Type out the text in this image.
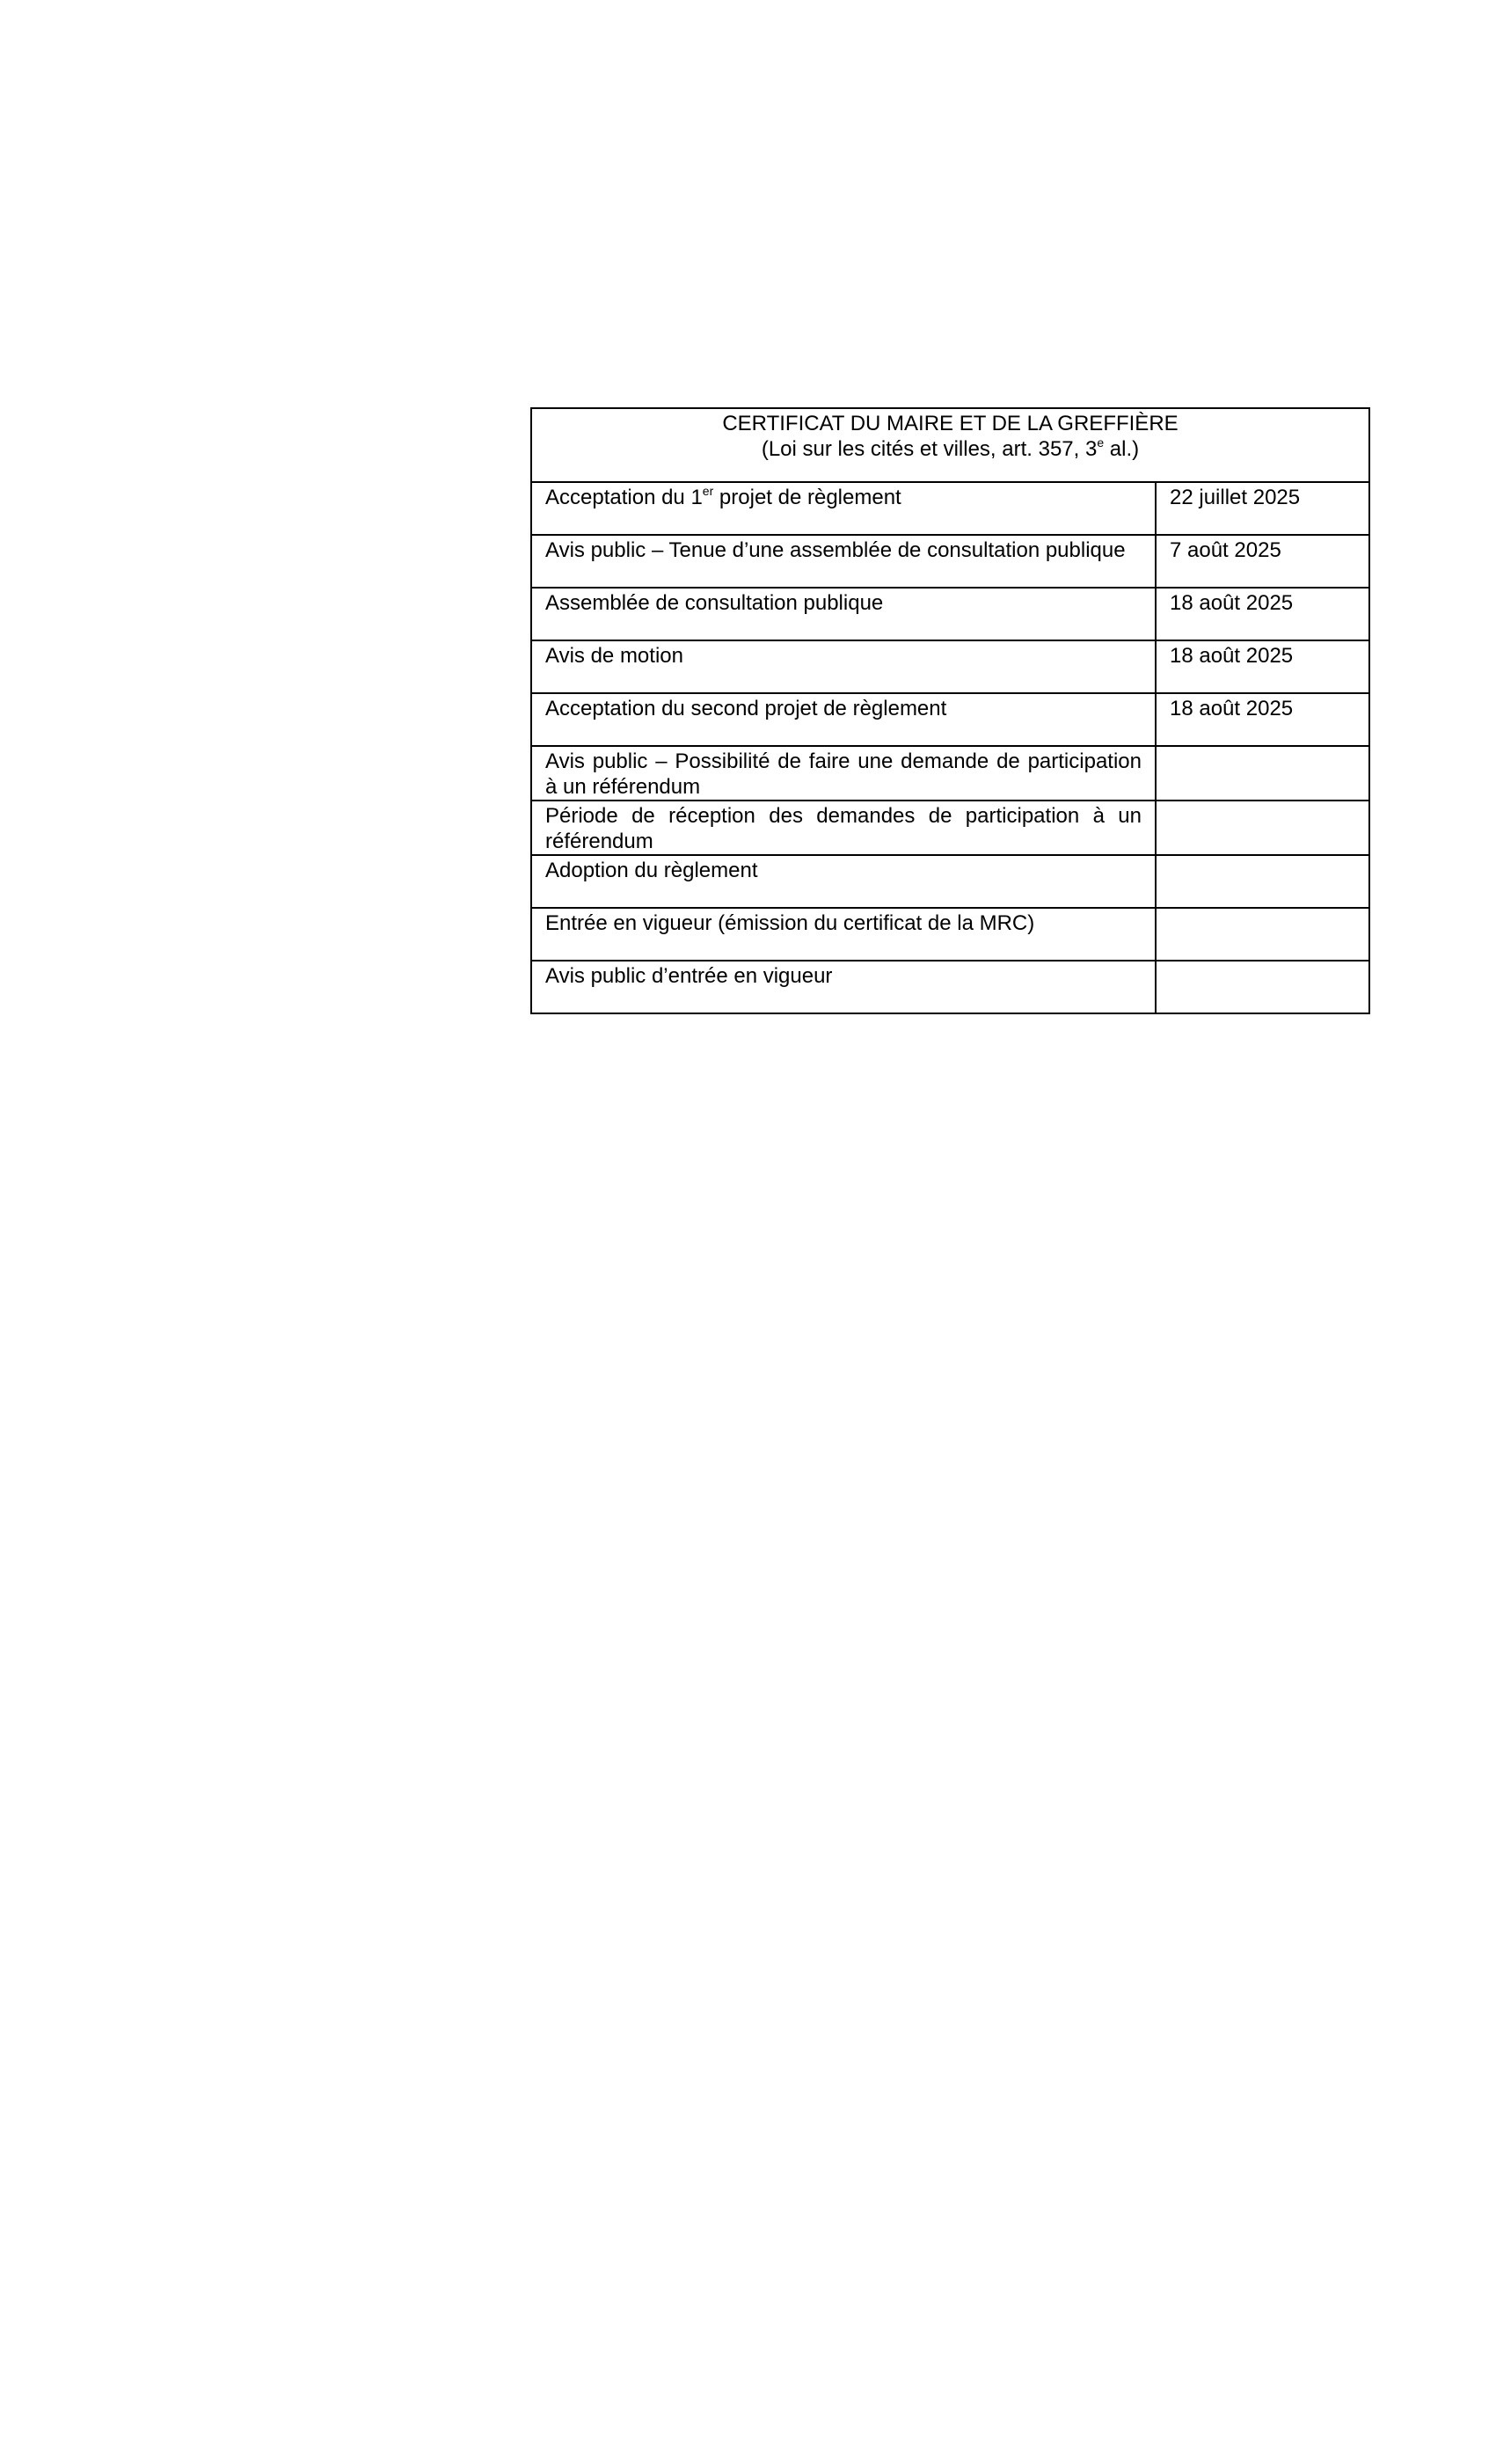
CERTIFICAT DU MAIRE ET DE LA GREFFIÈRE
(Loi sur les cités et villes, art. 357, 3e al.)	

Acceptation du 1er projet de règlement	22 juillet 2025
Avis public – Tenue d’une assemblée de consultation publique	7 août 2025
Assemblée de consultation publique	18 août 2025
Avis de motion	18 août 2025
Acceptation du second projet de règlement	18 août 2025
Avis public – Possibilité de faire une demande de participation à un référendum	
Période de réception des demandes de participation à un référendum	
Adoption du règlement	
Entrée en vigueur (émission du certificat de la MRC)	
Avis public d’entrée en vigueur	
